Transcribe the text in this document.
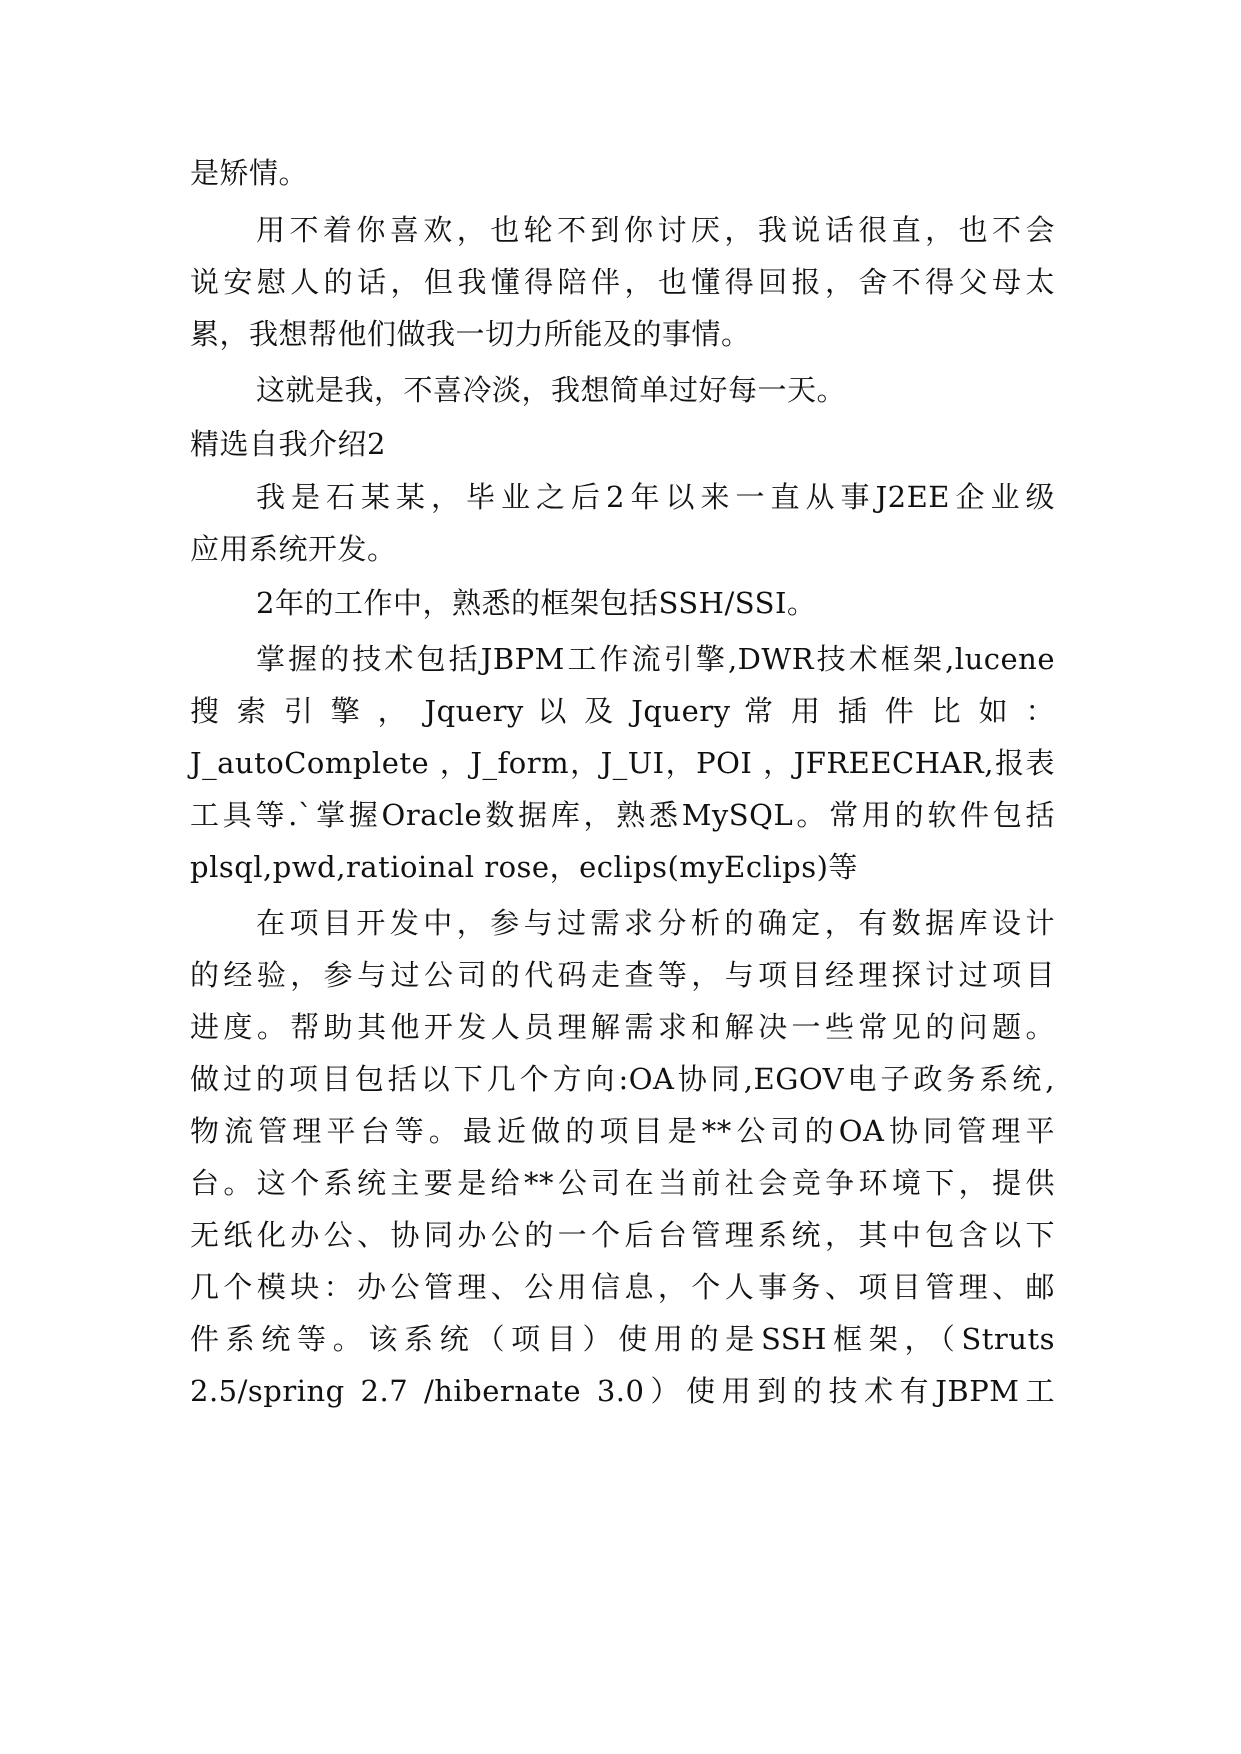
是矫情。
用不着你喜欢，也轮不到你讨厌，我说话很直，也不会
说安慰人的话，但我懂得陪伴，也懂得回报，舍不得父母太
累，我想帮他们做我一切力所能及的事情。
这就是我，不喜冷淡，我想简单过好每一天。
精选自我介绍2
我是石某某，毕业之后2年以来一直从事J2EE企业级
应用系统开发。
2年的工作中，熟悉的框架包括SSH/SSI。
掌握的技术包括JBPM工作流引擎,DWR技术框架,lucene
搜 索 引 擎 ， Jquery 以 及 Jquery 常 用 插 件 比 如 ：
J_autoComplete ，J_form，J_UI，POI ，JFREECHAR,报表
工具等.`掌握Oracle数据库，熟悉MySQL。常用的软件包括
plsql,pwd,ratioinal rose，eclips(myEclips)等
在项目开发中，参与过需求分析的确定，有数据库设计
的经验，参与过公司的代码走查等，与项目经理探讨过项目
进度。帮助其他开发人员理解需求和解决一些常见的问题。
做过的项目包括以下几个方向:OA协同,EGOV电子政务系统,
物流管理平台等。最近做的项目是**公司的OA协同管理平
台。这个系统主要是给**公司在当前社会竞争环境下，提供
无纸化办公、协同办公的一个后台管理系统，其中包含以下
几个模块：办公管理、公用信息，个人事务、项目管理、邮
件系统等。该系统（项目）使用的是SSH框架，（Struts
2.5/spring 2.7 /hibernate 3.0）使用到的技术有JBPM工
